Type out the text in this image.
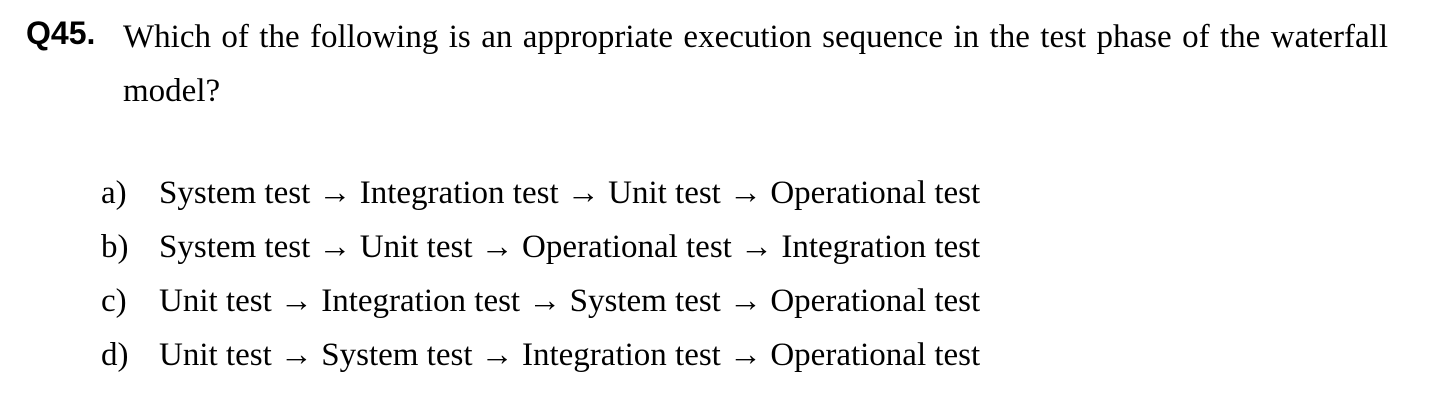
Q45. Which of the following is an appropriate execution sequence in the test phase of the waterfall model?
a) System test → Integration test → Unit test → Operational test
b) System test → Unit test → Operational test → Integration test
c) Unit test → Integration test → System test → Operational test
d) Unit test → System test → Integration test → Operational test
